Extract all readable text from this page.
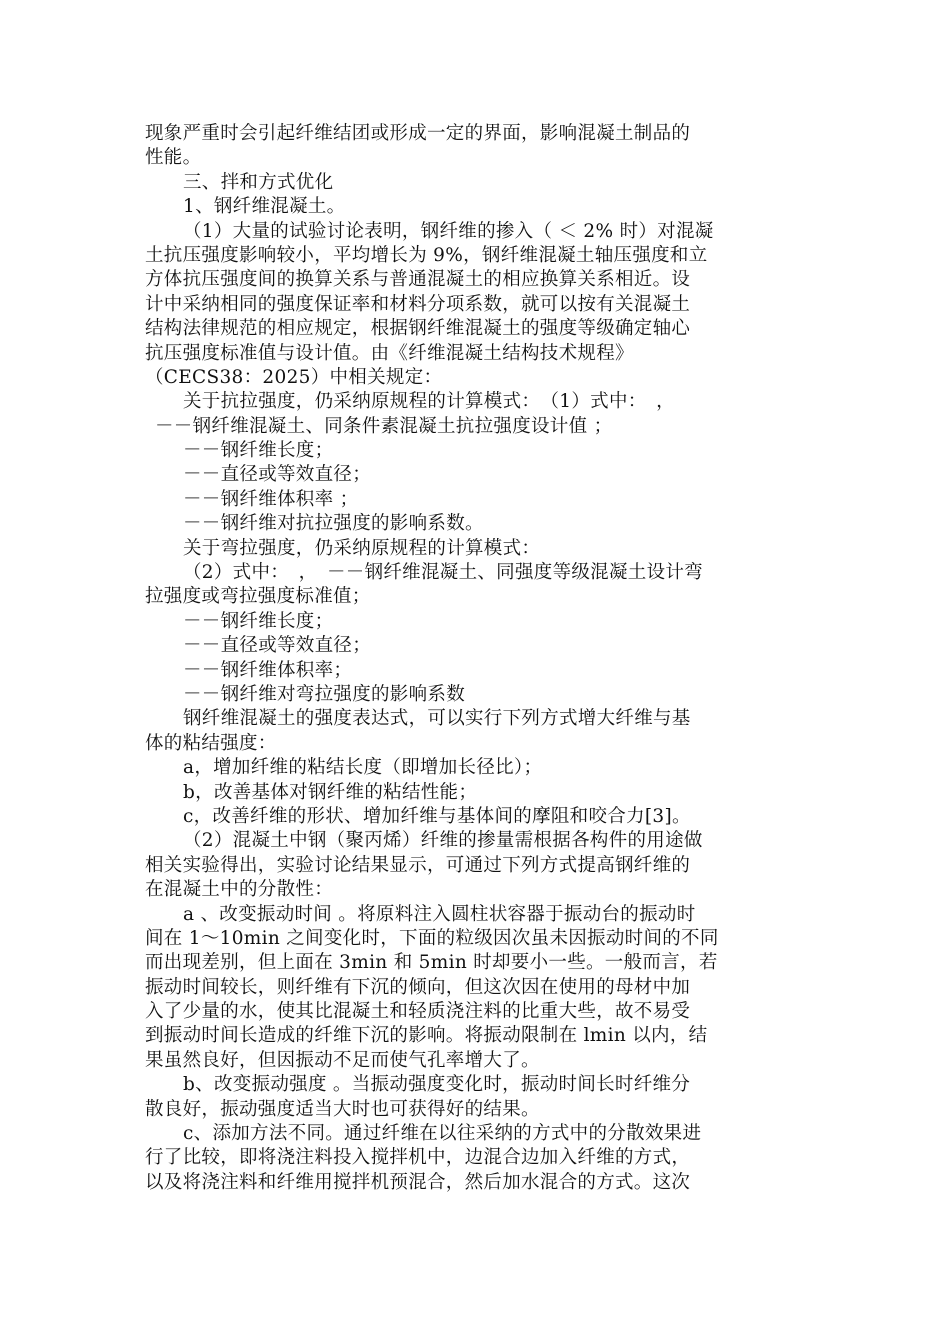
现象严重时会引起纤维结团或形成一定的界面，影响混凝土制品的
性能。
三、拌和方式优化
1、钢纤维混凝土。
（1）大量的试验讨论表明，钢纤维的掺入（ ＜ 2% 时）对混凝
土抗压强度影响较小，平均增长为 9%，钢纤维混凝土轴压强度和立
方体抗压强度间的换算关系与普通混凝土的相应换算关系相近。设
计中采纳相同的强度保证率和材料分项系数，就可以按有关混凝土
结构法律规范的相应规定，根据钢纤维混凝土的强度等级确定轴心
抗压强度标准值与设计值。由《纤维混凝土结构技术规程》
（CECS38：2025）中相关规定：
关于抗拉强度，仍采纳原规程的计算模式：　（1）式中：　，
－－钢纤维混凝土、同条件素混凝土抗拉强度设计值 ；
－－钢纤维长度；
－－直径或等效直径；
－－钢纤维体积率 ；
－－钢纤维对抗拉强度的影响系数。
关于弯拉强度，仍采纳原规程的计算模式：
（2）式中：　，　－－钢纤维混凝土、同强度等级混凝土设计弯
拉强度或弯拉强度标准值；
－－钢纤维长度；
－－直径或等效直径；
－－钢纤维体积率；
－－钢纤维对弯拉强度的影响系数
钢纤维混凝土的强度表达式，可以实行下列方式增大纤维与基
体的粘结强度：
a，增加纤维的粘结长度（即增加长径比）；
b，改善基体对钢纤维的粘结性能；
c，改善纤维的形状、增加纤维与基体间的摩阻和咬合力[3]。
（2）混凝土中钢（聚丙烯）纤维的掺量需根据各构件的用途做
相关实验得出，实验讨论结果显示，可通过下列方式提高钢纤维的
在混凝土中的分散性：
a 、改变振动时间 。将原料注入圆柱状容器于振动台的振动时
间在 1～10min 之间变化时，下面的粒级因次虽未因振动时间的不同
而出现差别，但上面在 3min 和 5min 时却要小一些。一般而言，若
振动时间较长，则纤维有下沉的倾向，但这次因在使用的母材中加
入了少量的水，使其比混凝土和轻质浇注料的比重大些，故不易受
到振动时间长造成的纤维下沉的影响。将振动限制在 lmin 以内，结
果虽然良好，但因振动不足而使气孔率增大了。
b、改变振动强度 。当振动强度变化时，振动时间长时纤维分
散良好，振动强度适当大时也可获得好的结果。
c、添加方法不同。通过纤维在以往采纳的方式中的分散效果进
行了比较，即将浇注料投入搅拌机中，边混合边加入纤维的方式，
以及将浇注料和纤维用搅拌机预混合，然后加水混合的方式。这次
